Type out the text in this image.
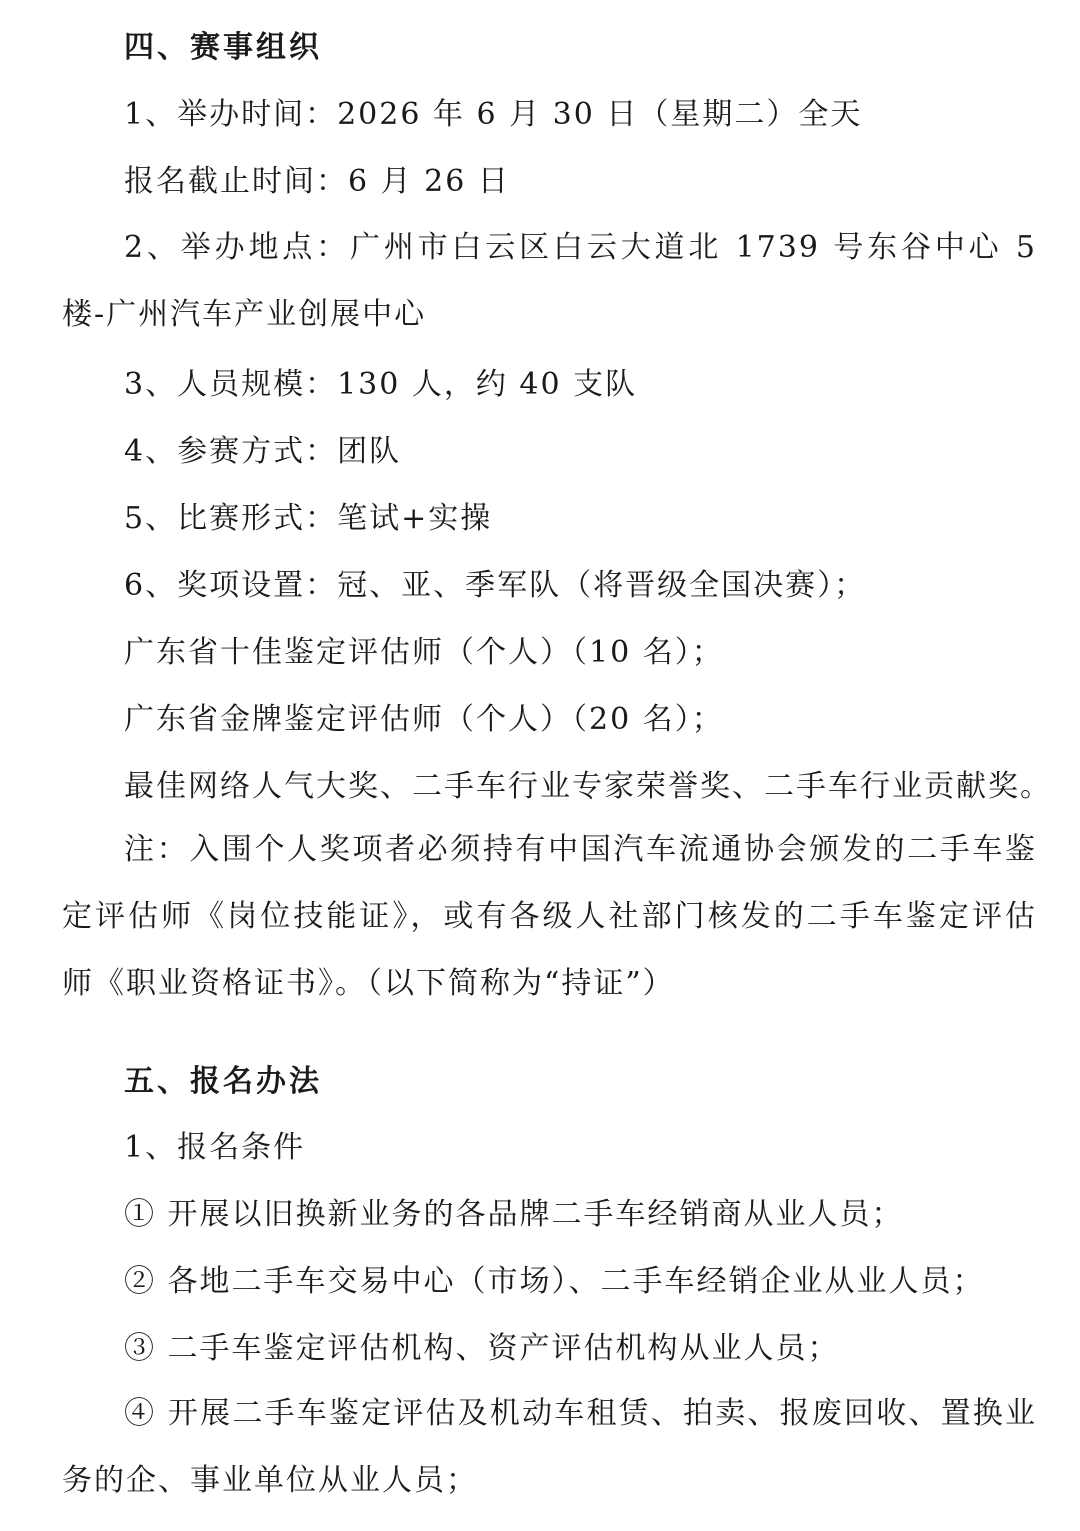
四、赛事组织
1、举办时间：2026 年 6 月 30 日（星期二）全天
报名截止时间：6 月 26 日
2、举办地点：广州市白云区白云大道北 1739 号东谷中心 5 楼-广州汽车产业创展中心
3、人员规模：130 人，约 40 支队
4、参赛方式：团队
5、比赛形式：笔试+实操
6、奖项设置：冠、亚、季军队（将晋级全国决赛）；
广东省十佳鉴定评估师（个人）（10 名）；
广东省金牌鉴定评估师（个人）（20 名）；
最佳网络人气大奖、二手车行业专家荣誉奖、二手车行业贡献奖。
注：入围个人奖项者必须持有中国汽车流通协会颁发的二手车鉴定评估师《岗位技能证》，或有各级人社部门核发的二手车鉴定评估师《职业资格证书》。（以下简称为“持证”）
五、报名办法
1、报名条件
① 开展以旧换新业务的各品牌二手车经销商从业人员；
② 各地二手车交易中心（市场）、二手车经销企业从业人员；
③ 二手车鉴定评估机构、资产评估机构从业人员；
④ 开展二手车鉴定评估及机动车租赁、拍卖、报废回收、置换业务的企、事业单位从业人员；
